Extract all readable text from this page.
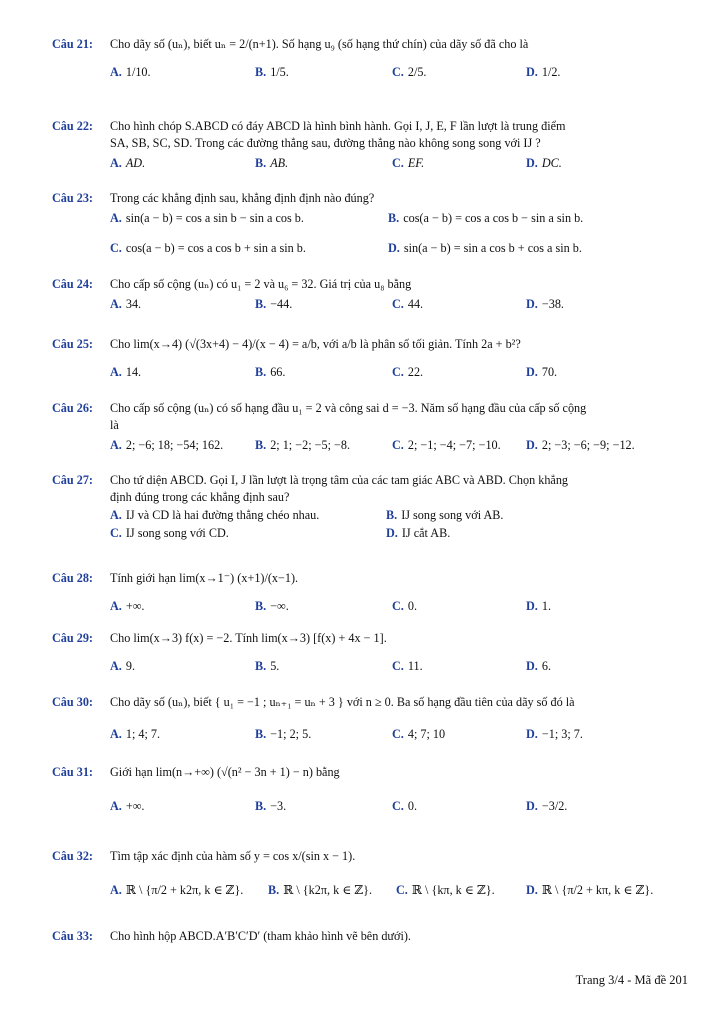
Câu 21:	Cho dãy số (uₙ), biết uₙ = 2/(n+1). Số hạng u₉ (số hạng thứ chín) của dãy số đã cho là
A. 1/10.	B. 1/5.	C. 2/5.	D. 1/2.
Câu 22:	Cho hình chóp S.ABCD có đáy ABCD là hình bình hành. Gọi I, J, E, F lần lượt là trung điểm
SA, SB, SC, SD. Trong các đường thẳng sau, đường thẳng nào không song song với IJ ?
A. AD.	B. AB.	C. EF.	D. DC.
Câu 23:	Trong các khẳng định sau, khẳng định định nào đúng?
A. sin(a − b) = cos a sin b − sin a cos b.	B. cos(a − b) = cos a cos b − sin a sin b.
C. cos(a − b) = cos a cos b + sin a sin b.	D. sin(a − b) = sin a cos b + cos a sin b.
Câu 24:	Cho cấp số cộng (uₙ) có u₁ = 2 và u₆ = 32. Giá trị của u₈ bằng
A. 34.	B. −44.	C. 44.	D. −38.
Câu 25:	Cho lim(x→4) (√(3x+4) − 4)/(x − 4) = a/b, với a/b là phân số tối giản. Tính 2a + b²?
A. 14.	B. 66.	C. 22.	D. 70.
Câu 26:	Cho cấp số cộng (uₙ) có số hạng đầu u₁ = 2 và công sai d = −3. Năm số hạng đầu của cấp số cộng
là
A. 2; −6; 18; −54; 162.	B. 2; 1; −2; −5; −8.	C. 2; −1; −4; −7; −10. D. 2; −3; −6; −9; −12.
Câu 27:	Cho tứ diện ABCD. Gọi I, J lần lượt là trọng tâm của các tam giác ABC và ABD. Chọn khẳng
định đúng trong các khẳng định sau?
A. IJ và CD là hai đường thẳng chéo nhau.	B. IJ song song với AB.
C. IJ song song với CD.	D. IJ cắt AB.
Câu 28:	Tính giới hạn lim(x→1⁻) (x+1)/(x−1).
A. +∞.	B. −∞.	C. 0.	D. 1.
Câu 29:	Cho lim(x→3) f(x) = −2. Tính lim(x→3) [f(x) + 4x − 1].
A. 9.	B. 5.	C. 11.	D. 6.
Câu 30:	Cho dãy số (uₙ), biết { u₁ = −1 ; uₙ₊₁ = uₙ + 3 } với n ≥ 0. Ba số hạng đầu tiên của dãy số đó là
A. 1; 4; 7.	B. −1; 2; 5.	C. 4; 7; 10	D. −1; 3; 7.
Câu 31:	Giới hạn lim(n→+∞) (√(n² − 3n + 1) − n) bằng
A. +∞.	B. −3.	C. 0.	D. −3/2.
Câu 32:	Tìm tập xác định của hàm số y = cos x/(sin x − 1).
A. ℝ \ {π/2 + k2π, k ∈ ℤ}. B. ℝ \ {k2π, k ∈ ℤ}. C. ℝ \ {kπ, k ∈ ℤ}.	D. ℝ \ {π/2 + kπ, k ∈ ℤ}.
Câu 33:	Cho hình hộp ABCD.A′B′C′D′ (tham khảo hình vẽ bên dưới).
Trang 3/4 - Mã đề 201
